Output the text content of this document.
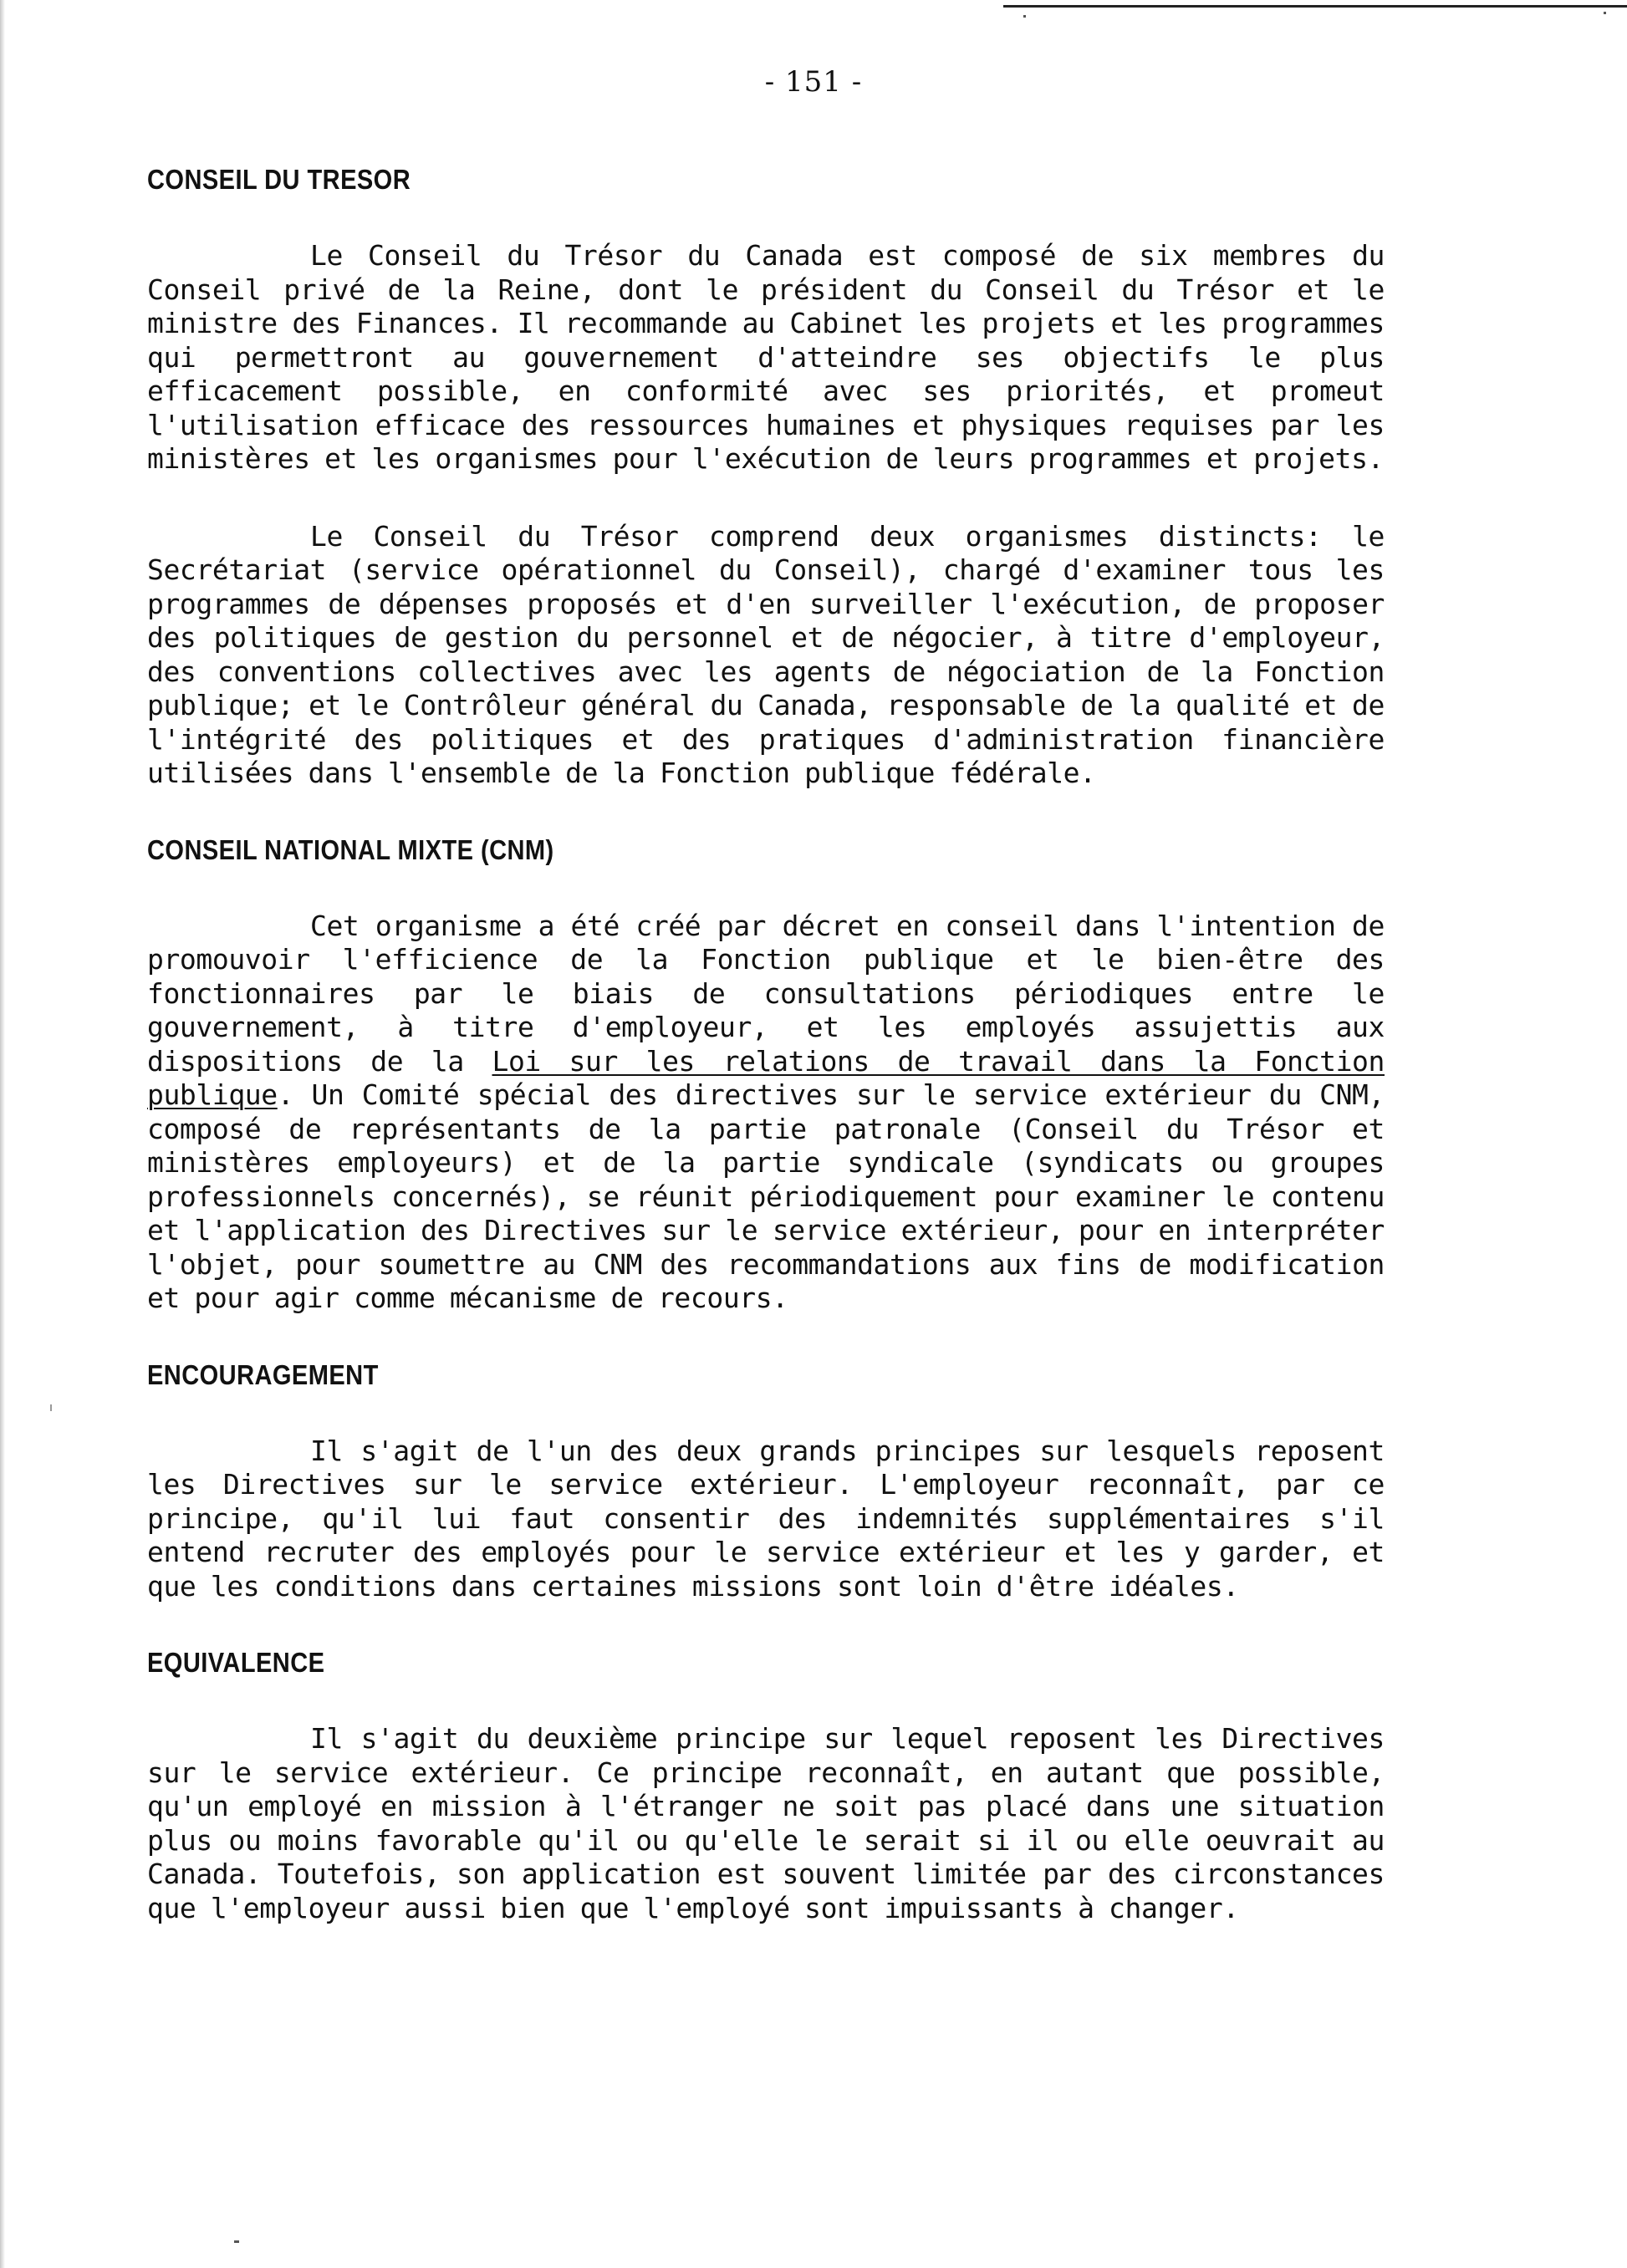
- 151 -
CONSEIL DU TRESOR

Le Conseil du Trésor du Canada est composé de six membres du Conseil privé de la Reine, dont le président du Conseil du Trésor et le ministre des Finances. Il recommande au Cabinet les projets et les programmes qui permettront au gouvernement d'atteindre ses objectifs le plus efficacement possible, en conformité avec ses priorités, et promeut l'utilisation efficace des ressources humaines et physiques requises par les ministères et les organismes pour l'exécution de leurs programmes et projets.

Le Conseil du Trésor comprend deux organismes distincts: le Secrétariat (service opérationnel du Conseil), chargé d'examiner tous les programmes de dépenses proposés et d'en surveiller l'exécution, de proposer des politiques de gestion du personnel et de négocier, à titre d'employeur, des conventions collectives avec les agents de négociation de la Fonction publique; et le Contrôleur général du Canada, responsable de la qualité et de l'intégrité des politiques et des pratiques d'administration financière utilisées dans l'ensemble de la Fonction publique fédérale.

CONSEIL NATIONAL MIXTE (CNM)

Cet organisme a été créé par décret en conseil dans l'intention de promouvoir l'efficience de la Fonction publique et le bien-être des fonctionnaires par le biais de consultations périodiques entre le gouvernement, à titre d'employeur, et les employés assujettis aux dispositions de la Loi sur les relations de travail dans la Fonction publique. Un Comité spécial des directives sur le service extérieur du CNM, composé de représentants de la partie patronale (Conseil du Trésor et ministères employeurs) et de la partie syndicale (syndicats ou groupes professionnels concernés), se réunit périodiquement pour examiner le contenu et l'application des Directives sur le service extérieur, pour en interpréter l'objet, pour soumettre au CNM des recommandations aux fins de modification et pour agir comme mécanisme de recours.

ENCOURAGEMENT

Il s'agit de l'un des deux grands principes sur lesquels reposent les Directives sur le service extérieur. L'employeur reconnaît, par ce principe, qu'il lui faut consentir des indemnités supplémentaires s'il entend recruter des employés pour le service extérieur et les y garder, et que les conditions dans certaines missions sont loin d'être idéales.

EQUIVALENCE

Il s'agit du deuxième principe sur lequel reposent les Directives sur le service extérieur. Ce principe reconnaît, en autant que possible, qu'un employé en mission à l'étranger ne soit pas placé dans une situation plus ou moins favorable qu'il ou qu'elle le serait si il ou elle oeuvrait au Canada. Toutefois, son application est souvent limitée par des circonstances que l'employeur aussi bien que l'employé sont impuissants à changer.
